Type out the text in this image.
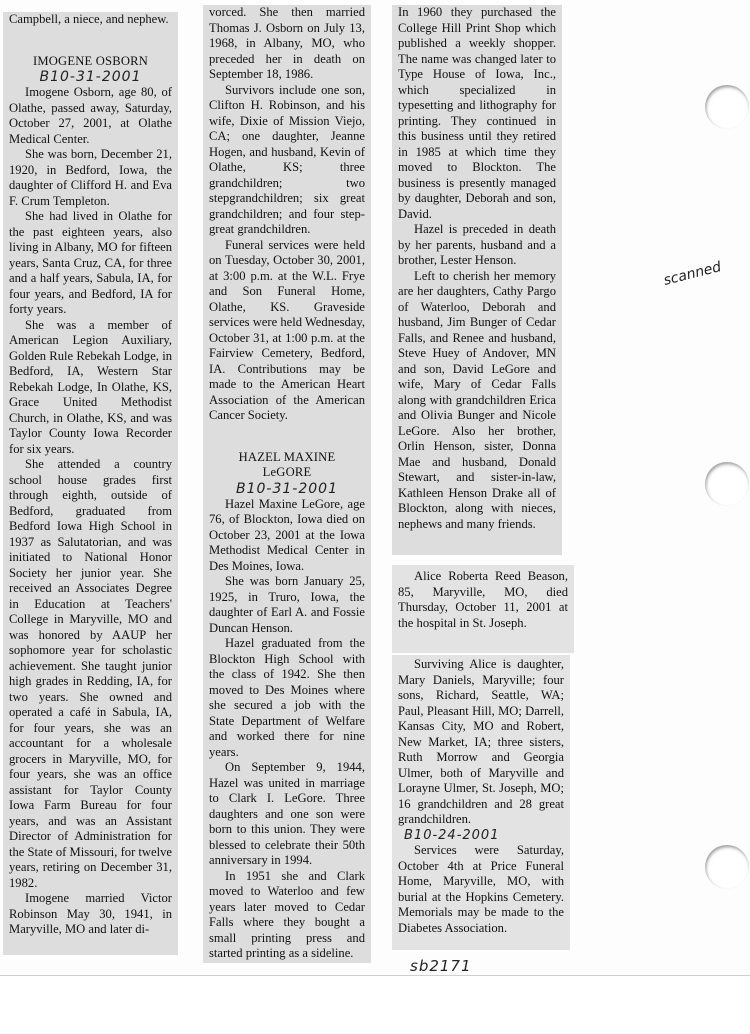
Campbell, a niece, and nephew.

IMOGENE OSBORN

B10-31-2001

Imogene Osborn, age 80, of Olathe, passed away, Saturday, October 27, 2001, at Olathe Medical Center.

She was born, December 21, 1920, in Bedford, Iowa, the daughter of Clifford H. and Eva F. Crum Templeton.

She had lived in Olathe for the past eighteen years, also living in Albany, MO for fifteen years, Santa Cruz, CA, for three and a half years, Sabula, IA, for four years, and Bedford, IA for forty years.

She was a member of American Legion Auxiliary, Golden Rule Rebekah Lodge, in Bedford, IA, Western Star Rebekah Lodge, In Olathe, KS, Grace United Methodist Church, in Olathe, KS, and was Taylor County Iowa Recorder for six years.

She attended a country school house grades first through eighth, outside of Bedford, graduated from Bedford Iowa High School in 1937 as Salutatorian, and was initiated to National Honor Society her junior year. She received an Associates Degree in Education at Teachers' College in Maryville, MO and was honored by AAUP her sophomore year for scholastic achievement. She taught junior high grades in Redding, IA, for two years. She owned and operated a café in Sabula, IA, for four years, she was an accountant for a wholesale grocers in Maryville, MO, for four years, she was an office assistant for Taylor County Iowa Farm Bureau for four years, and was an Assistant Director of Administration for the State of Missouri, for twelve years, retiring on December 31, 1982.

Imogene married Victor Robinson May 30, 1941, in Maryville, MO and later di-

vorced. She then married Thomas J. Osborn on July 13, 1968, in Albany, MO, who preceded her in death on September 18, 1986.

Survivors include one son, Clifton H. Robinson, and his wife, Dixie of Mission Viejo, CA; one daughter, Jeanne Hogen, and husband, Kevin of Olathe, KS; three grandchildren; two stepgrandchildren; six great grandchildren; and four step-great grandchildren.

Funeral services were held on Tuesday, October 30, 2001, at 3:00 p.m. at the W.L. Frye and Son Funeral Home, Olathe, KS. Graveside services were held Wednesday, October 31, at 1:00 p.m. at the Fairview Cemetery, Bedford, IA. Contributions may be made to the American Heart Association of the American Cancer Society.

HAZEL MAXINE

LeGORE

B10-31-2001

Hazel Maxine LeGore, age 76, of Blockton, Iowa died on October 23, 2001 at the Iowa Methodist Medical Center in Des Moines, Iowa.

She was born January 25, 1925, in Truro, Iowa, the daughter of Earl A. and Fossie Duncan Henson.

Hazel graduated from the Blockton High School with the class of 1942. She then moved to Des Moines where she secured a job with the State Department of Welfare and worked there for nine years.

On September 9, 1944, Hazel was united in marriage to Clark I. LeGore. Three daughters and one son were born to this union. They were blessed to celebrate their 50th anniversary in 1994.

In 1951 she and Clark moved to Waterloo and few years later moved to Cedar Falls where they bought a small printing press and started printing as a sideline.

In 1960 they purchased the College Hill Print Shop which published a weekly shopper. The name was changed later to Type House of Iowa, Inc., which specialized in typesetting and lithography for printing. They continued in this business until they retired in 1985 at which time they moved to Blockton. The business is presently managed by daughter, Deborah and son, David.

Hazel is preceded in death by her parents, husband and a brother, Lester Henson.

Left to cherish her memory are her daughters, Cathy Pargo of Waterloo, Deborah and husband, Jim Bunger of Cedar Falls, and Renee and husband, Steve Huey of Andover, MN and son, David LeGore and wife, Mary of Cedar Falls along with grandchildren Erica and Olivia Bunger and Nicole LeGore. Also her brother, Orlin Henson, sister, Donna Mae and husband, Donald Stewart, and sister-in-law, Kathleen Henson Drake all of Blockton, along with nieces, nephews and many friends.

Alice Roberta Reed Beason, 85, Maryville, MO, died Thursday, October 11, 2001 at the hospital in St. Joseph.

Surviving Alice is daughter, Mary Daniels, Maryville; four sons, Richard, Seattle, WA; Paul, Pleasant Hill, MO; Darrell, Kansas City, MO and Robert, New Market, IA; three sisters, Ruth Morrow and Georgia Ulmer, both of Maryville and Lorayne Ulmer, St. Joseph, MO; 16 grandchildren and 28 great grandchildren.

B10-24-2001

Services were Saturday, October 4th at Price Funeral Home, Maryville, MO, with burial at the Hopkins Cemetery. Memorials may be made to the Diabetes Association.

scanned
sb2171
